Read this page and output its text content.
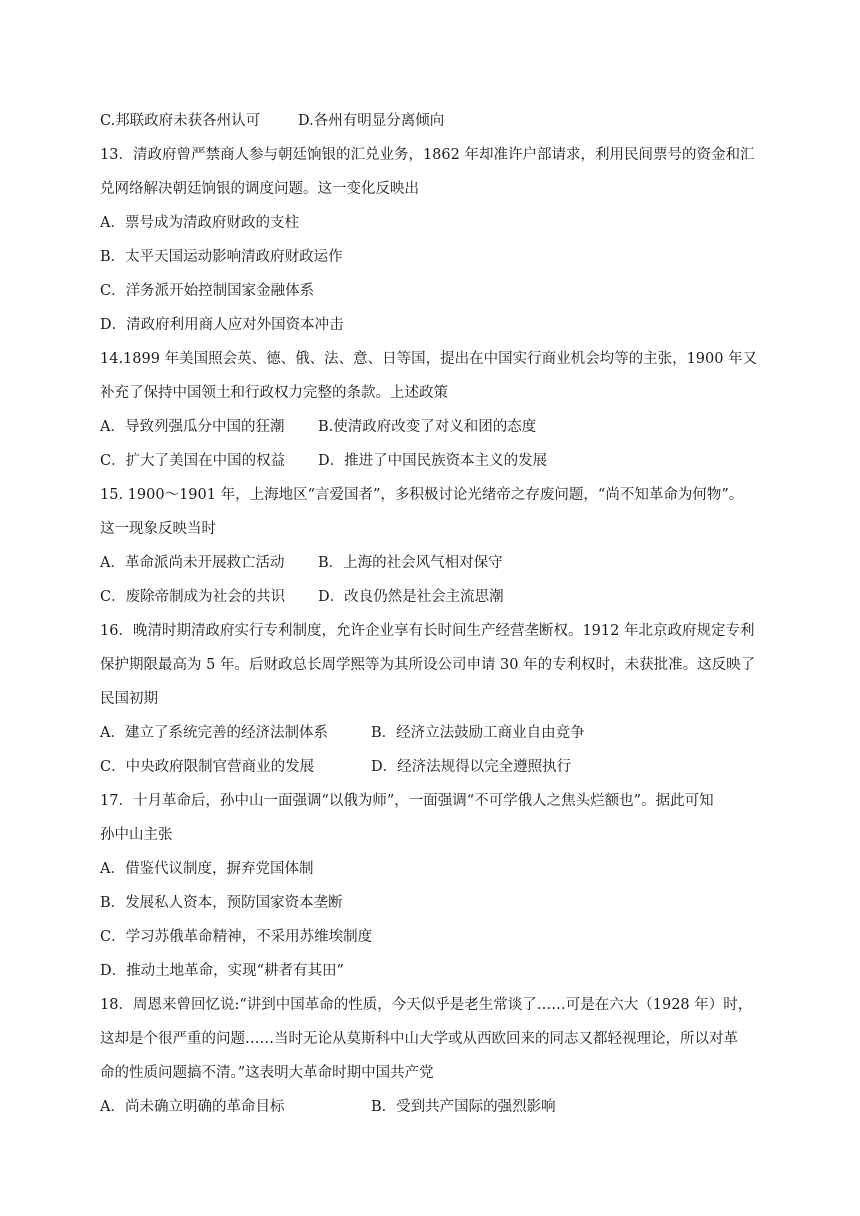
C.邦联政府未获各州认可	D.各州有明显分离倾向
13．清政府曾严禁商人参与朝廷饷银的汇兑业务，1862 年却准许户部请求，利用民间票号的资金和汇
兑网络解决朝廷饷银的调度问题。这一变化反映出
A．票号成为清政府财政的支柱
B．太平天国运动影响清政府财政运作
C．洋务派开始控制国家金融体系
D．清政府利用商人应对外国资本冲击
14.1899 年美国照会英、德、俄、法、意、日等国，提出在中国实行商业机会均等的主张，1900 年又
补充了保持中国领土和行政权力完整的条款。上述政策
A．导致列强瓜分中国的狂潮 B.使清政府改变了对义和团的态度
C．扩大了美国在中国的权益 D．推进了中国民族资本主义的发展
15. 1900～1901 年，上海地区“言爱国者”，多积极讨论光绪帝之存废问题，“尚不知革命为何物”。
这一现象反映当时
A．革命派尚未开展救亡活动 B．上海的社会风气相对保守
C．废除帝制成为社会的共识 D．改良仍然是社会主流思潮
16．晚清时期清政府实行专利制度，允许企业享有长时间生产经营垄断权。1912 年北京政府规定专利
保护期限最高为 5 年。后财政总长周学熙等为其所设公司申请 30 年的专利权时，未获批准。这反映了
民国初期
A．建立了系统完善的经济法制体系	B．经济立法鼓励工商业自由竞争
C．中央政府限制官营商业的发展	D．经济法规得以完全遵照执行
17．十月革命后，孙中山一面强调“以俄为师”，一面强调“不可学俄人之焦头烂额也”。据此可知
孙中山主张
A．借鉴代议制度，摒弃党国体制
B．发展私人资本，预防国家资本垄断
C．学习苏俄革命精神，不采用苏维埃制度
D．推动土地革命，实现“耕者有其田”
18．周恩来曾回忆说:“讲到中国革命的性质，今天似乎是老生常谈了……可是在六大（1928 年）时，
这却是个很严重的问题……当时无论从莫斯科中山大学或从西欧回来的同志又都轻视理论，所以对革
命的性质问题搞不清。”这表明大革命时期中国共产党
A．尚未确立明确的革命目标	B．受到共产国际的强烈影响
